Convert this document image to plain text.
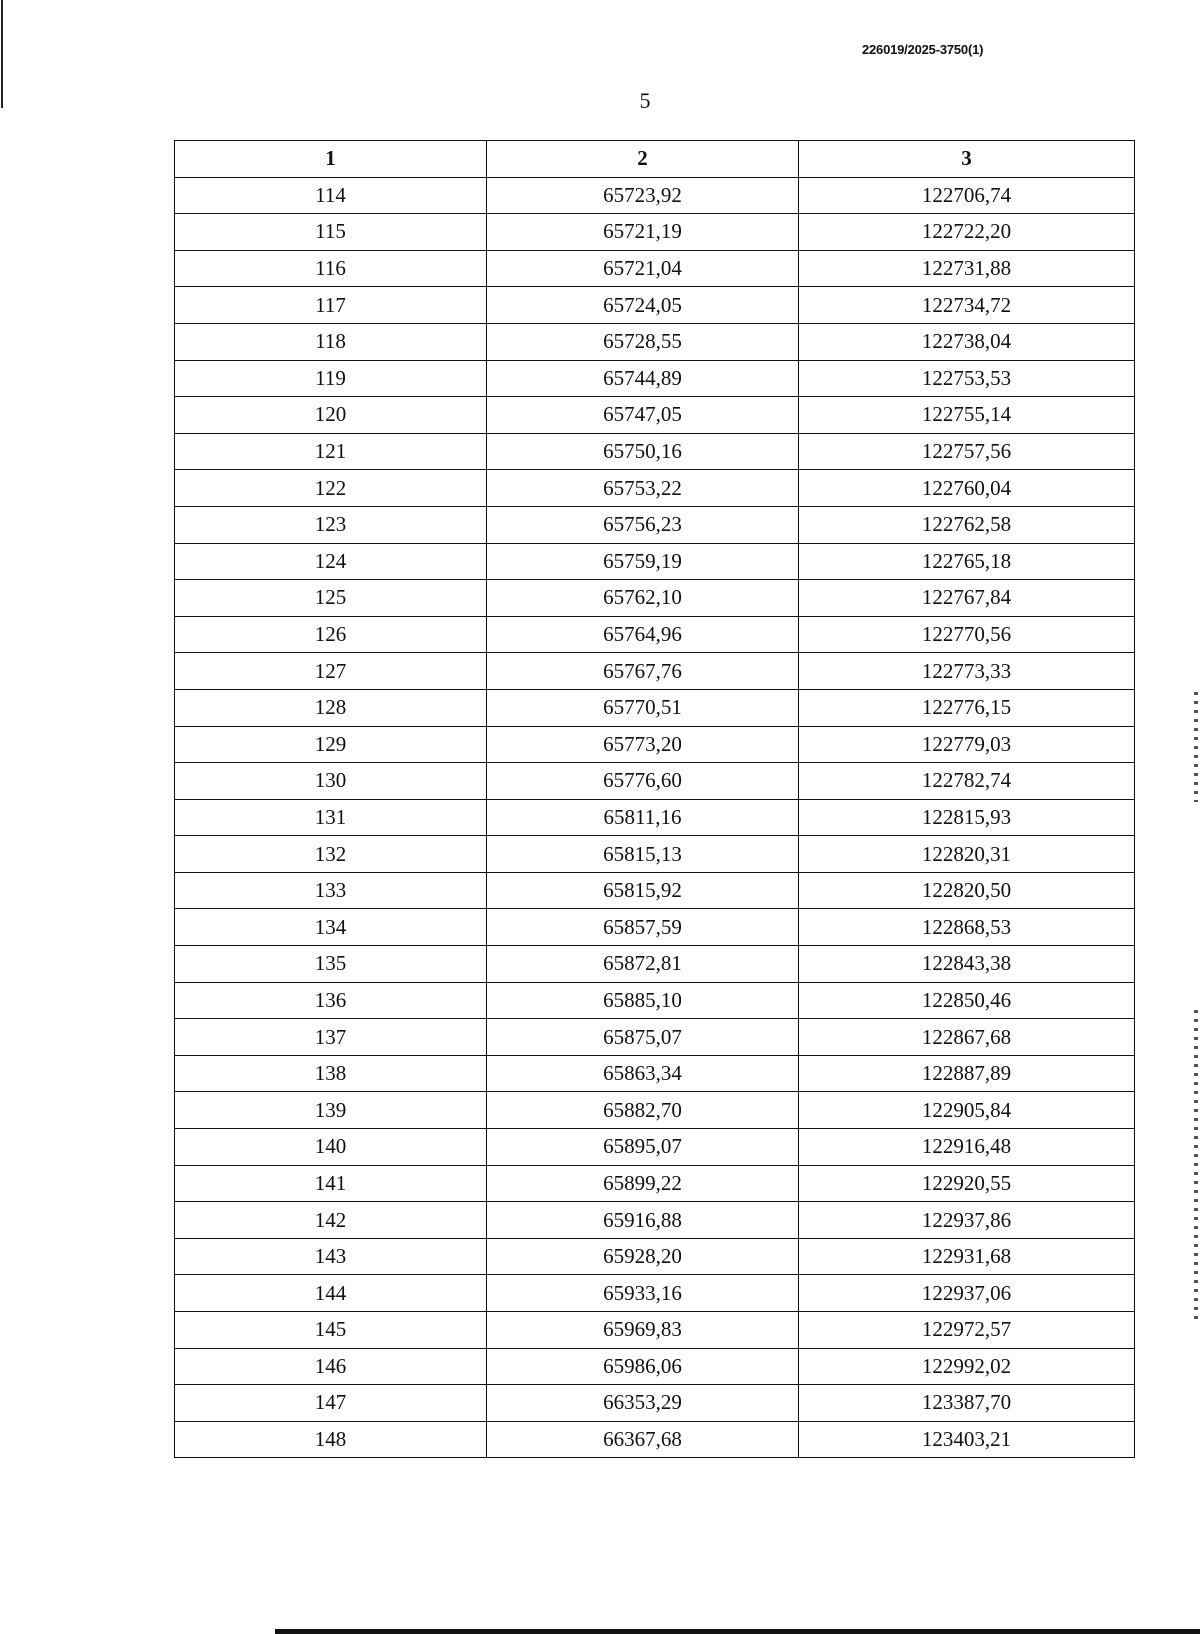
226019/2025-3750(1)
5
1	2	3
114	65723,92	122706,74
115	65721,19	122722,20
116	65721,04	122731,88
117	65724,05	122734,72
118	65728,55	122738,04
119	65744,89	122753,53
120	65747,05	122755,14
121	65750,16	122757,56
122	65753,22	122760,04
123	65756,23	122762,58
124	65759,19	122765,18
125	65762,10	122767,84
126	65764,96	122770,56
127	65767,76	122773,33
128	65770,51	122776,15
129	65773,20	122779,03
130	65776,60	122782,74
131	65811,16	122815,93
132	65815,13	122820,31
133	65815,92	122820,50
134	65857,59	122868,53
135	65872,81	122843,38
136	65885,10	122850,46
137	65875,07	122867,68
138	65863,34	122887,89
139	65882,70	122905,84
140	65895,07	122916,48
141	65899,22	122920,55
142	65916,88	122937,86
143	65928,20	122931,68
144	65933,16	122937,06
145	65969,83	122972,57
146	65986,06	122992,02
147	66353,29	123387,70
148	66367,68	123403,21
